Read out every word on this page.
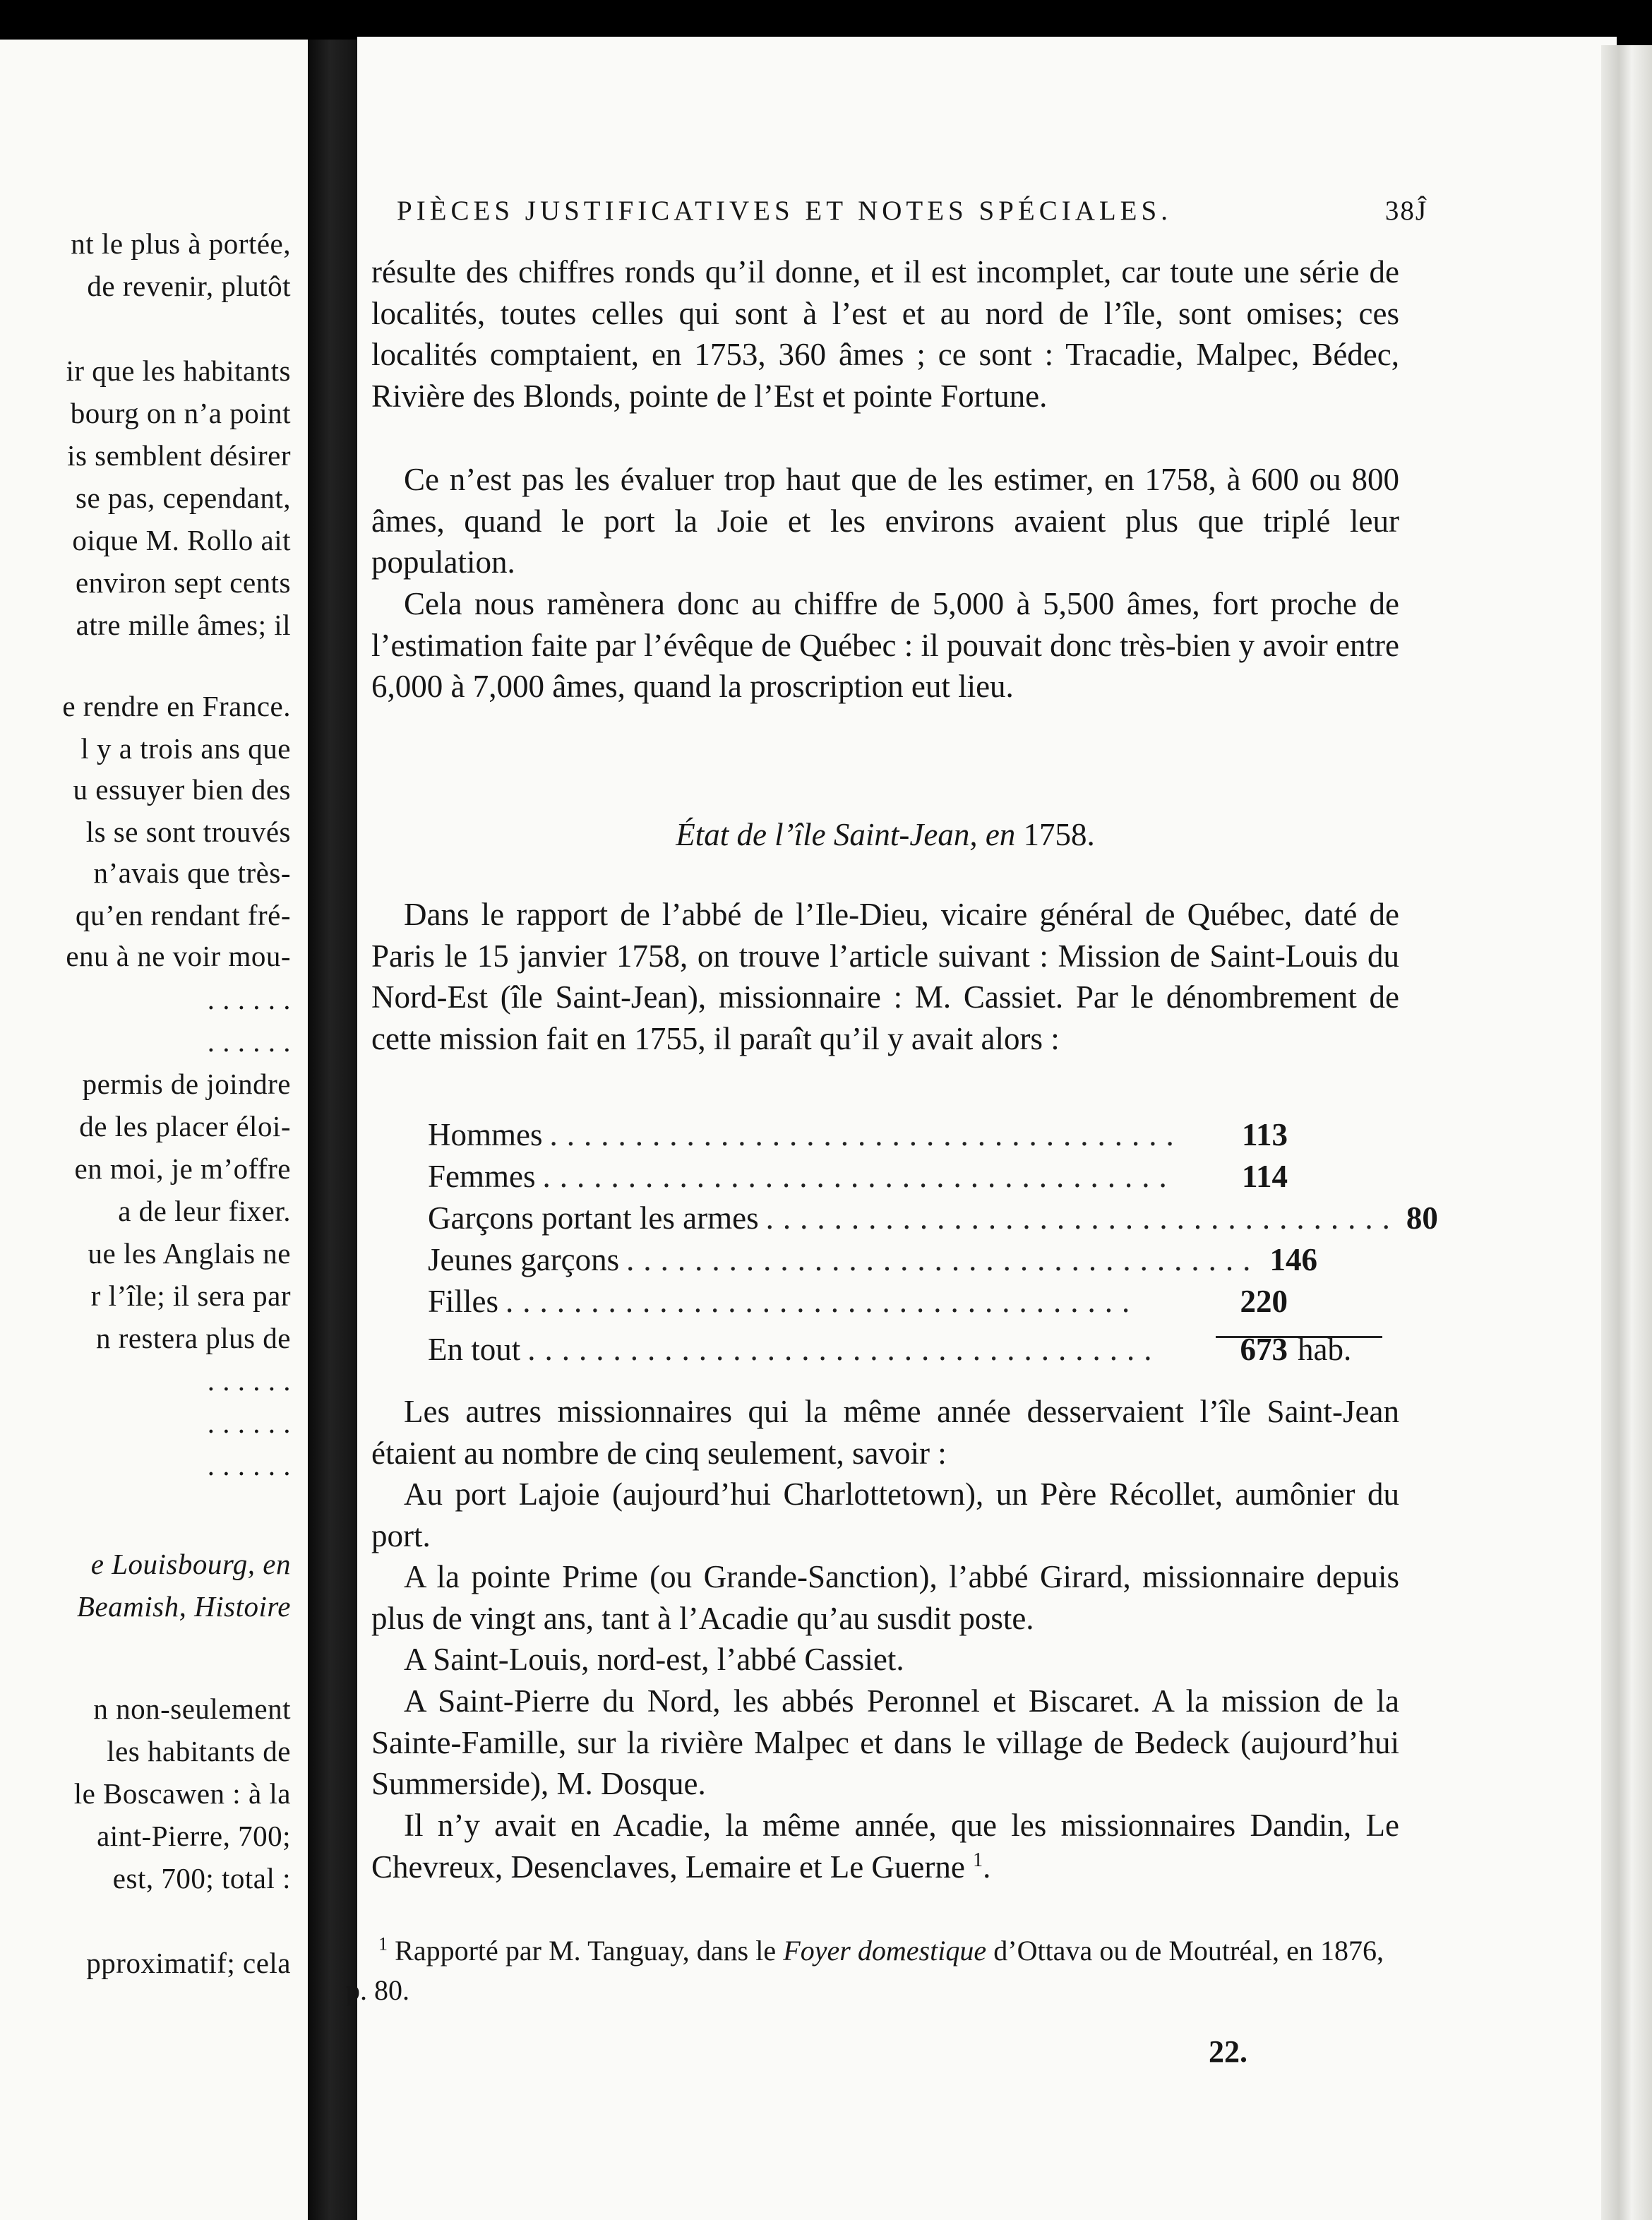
nt le plus à portée,
de revenir, plutôt
ir que les habitants
bourg on n’a point
is semblent désirer
se pas, cependant,
oique M. Rollo ait
environ sept cents
atre mille âmes; il
e rendre en France.
l y a trois ans que
u essuyer bien des
ls se sont trouvés
n’avais que très-
qu’en rendant fré-
enu à ne voir mou-
. . . . . .
. . . . . .
permis de joindre
de les placer éloi-
en moi, je m’offre
a de leur fixer.
ue les Anglais ne
r l’île; il sera par
n restera plus de
. . . . . .
. . . . . .
. . . . . .
e Louisbourg, en
Beamish, Histoire
n non-seulement
les habitants de
le Boscawen : à la
aint-Pierre, 700;
est, 700; total :
pproximatif; cela
PIÈCES JUSTIFICATIVES ET NOTES SPÉCIALES.	38Ĵ

résulte des chiffres ronds qu’il donne, et il est incomplet, car toute une série de localités, toutes celles qui sont à l’est et au nord de l’île, sont omises; ces localités comptaient, en 1753, 360 âmes ; ce sont : Tracadie, Malpec, Bédec, Rivière des Blonds, pointe de l’Est et pointe Fortune.

Ce n’est pas les évaluer trop haut que de les estimer, en 1758, à 600 ou 800 âmes, quand le port la Joie et les environs avaient plus que triplé leur population.

Cela nous ramènera donc au chiffre de 5,000 à 5,500 âmes, fort proche de l’estimation faite par l’évêque de Québec : il pouvait donc très-bien y avoir entre 6,000 à 7,000 âmes, quand la proscription eut lieu.

État de l’île Saint-Jean, en 1758.

Dans le rapport de l’abbé de l’Ile-Dieu, vicaire général de Québec, daté de Paris le 15 janvier 1758, on trouve l’article suivant : Mission de Saint-Louis du Nord-Est (île Saint-Jean), missionnaire : M. Cassiet. Par le dénombrement de cette mission fait en 1755, il paraît qu’il y avait alors :

Hommes .....................................	113
Femmes .....................................	114
Garçons portant les armes ..................................... 80
Jeunes garçons ..................................... 146
Filles .....................................	220
En tout .....................................	673 hab.

Les autres missionnaires qui la même année desservaient l’île Saint-Jean étaient au nombre de cinq seulement, savoir :

Au port Lajoie (aujourd’hui Charlottetown), un Père Récollet, aumônier du port.

A la pointe Prime (ou Grande-Sanction), l’abbé Girard, missionnaire depuis plus de vingt ans, tant à l’Acadie qu’au susdit poste.

A Saint-Louis, nord-est, l’abbé Cassiet.

A Saint-Pierre du Nord, les abbés Peronnel et Biscaret. A la mission de la Sainte-Famille, sur la rivière Malpec et dans le village de Bedeck (aujourd’hui Summerside), M. Dosque.

Il n’y avait en Acadie, la même année, que les missionnaires Dandin, Le Chevreux, Desenclaves, Lemaire et Le Guerne $^1$.

$^1$ Rapporté par M. Tanguay, dans le Foyer domestique d’Ottava ou de Moutréal, en 1876, p. 80.

22.
